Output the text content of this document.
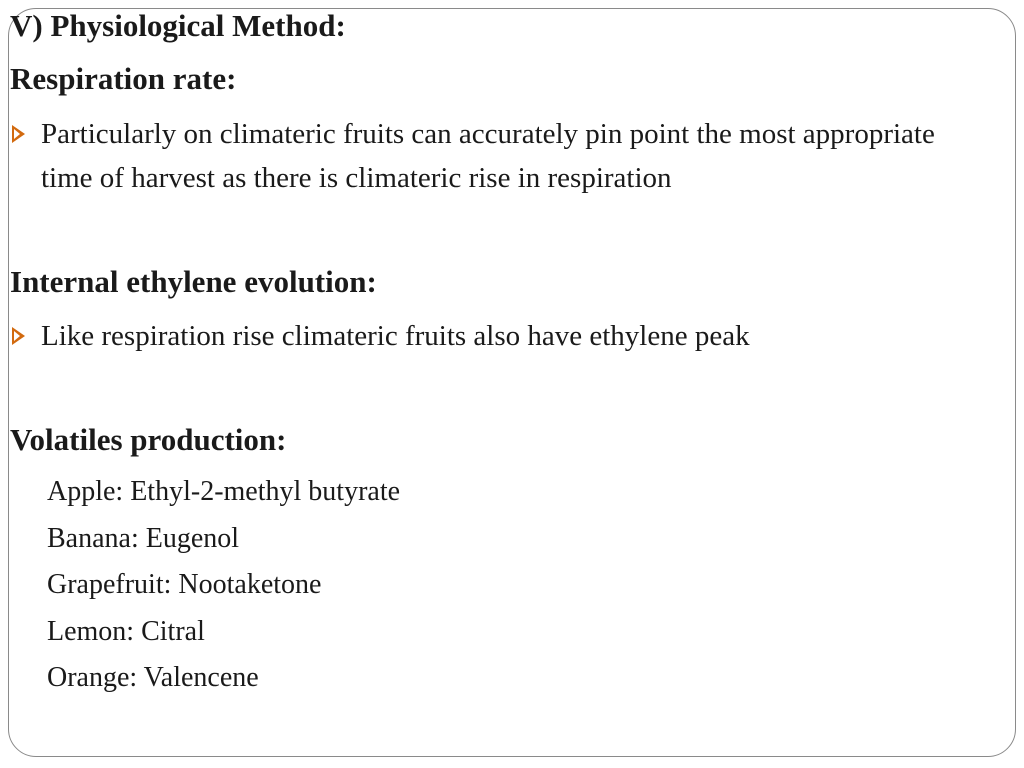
V) Physiological Method:
Respiration rate:
Particularly on climateric fruits can accurately pin point the most appropriate time of harvest as there is climateric rise in respiration
Internal ethylene evolution:
Like respiration rise climateric fruits also have ethylene peak
Volatiles production:
Apple: Ethyl-2-methyl butyrate
Banana: Eugenol
Grapefruit: Nootaketone
Lemon: Citral
Orange: Valencene
